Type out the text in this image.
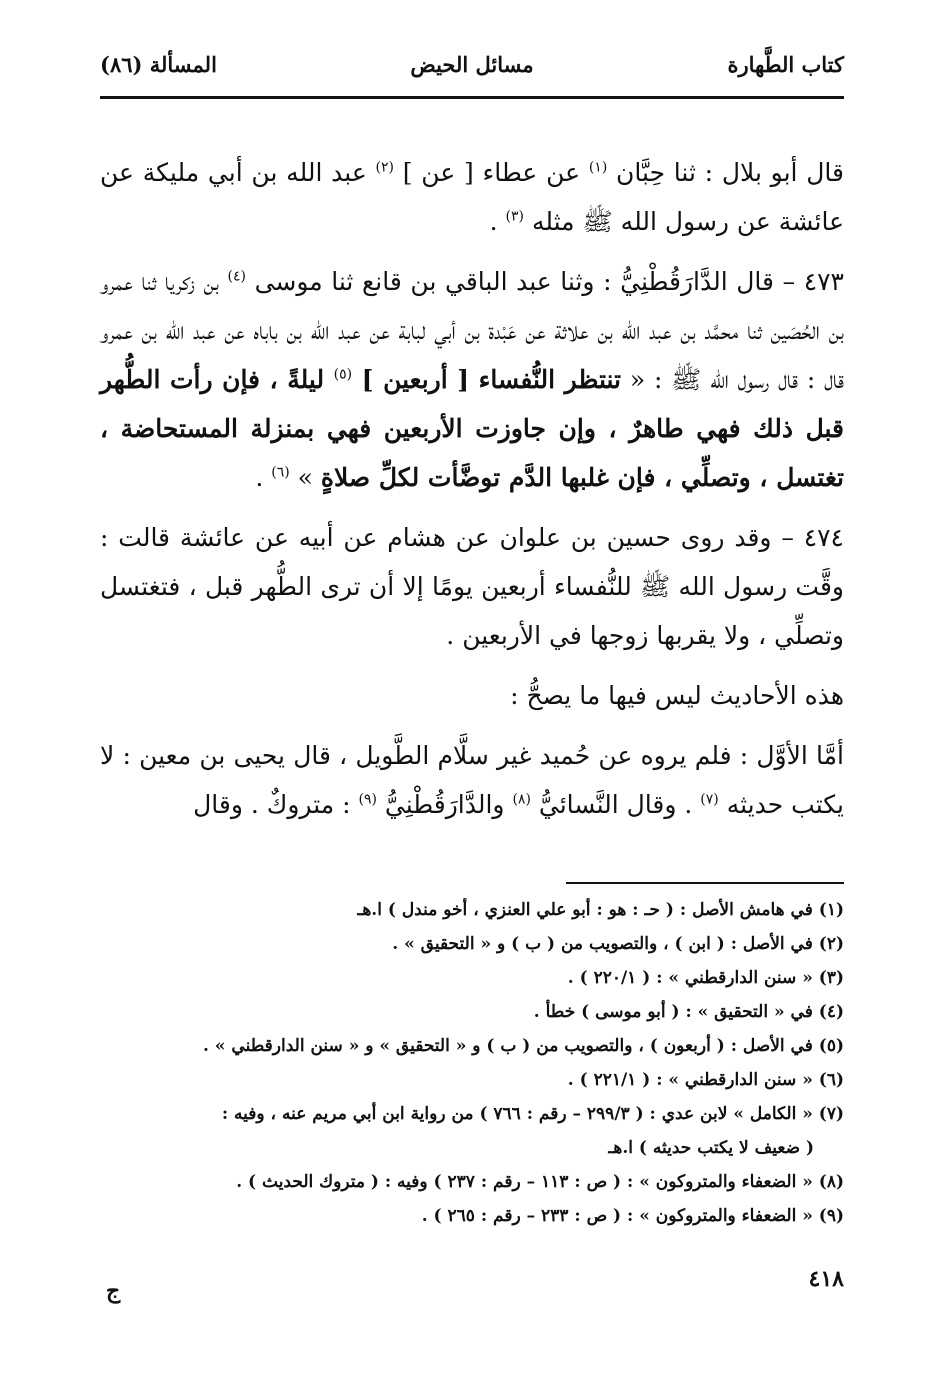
كتاب الطَّهارة
مسائل الحيض
المسألة (٨٦)

قال أبو بلال : ثنا حِبَّان $^{(١)}$ عن عطاء [ عن ] $^{(٢)}$ عبد الله بن أبي مليكة عن عائشة عن رسول الله ﷺ مثله $^{(٣)}$ .

٤٧٣ – قال الدَّارَقُطْنِيُّ : وثنا عبد الباقي بن قانع ثنا موسى $^{(٤)}$ بن زكريا ثنا عمرو بن الحُصَين ثنا محمَّد بن عبد الله بن علاثة عن عَبْدة بن أبي لبابة عن عبد الله بن باباه عن عبد الله بن عمرو قال : قال رسول الله ﷺ : « تنتظر النُّفساء [ أربعين ] $^{(٥)}$ ليلةً ، فإن رأت الطُّهر قبل ذلك فهي طاهرٌ ، وإن جاوزت الأربعين فهي بمنزلة المستحاضة ، تغتسل ، وتصلِّي ، فإن غلبها الدَّم توضَّأت لكلِّ صلاةٍ » $^{(٦)}$ .

٤٧٤ – وقد روى حسين بن علوان عن هشام عن أبيه عن عائشة قالت : وقَّت رسول الله ﷺ للنُّفساء أربعين يومًا إلا أن ترى الطُّهر قبل ، فتغتسل وتصلِّي ، ولا يقربها زوجها في الأربعين .

هذه الأحاديث ليس فيها ما يصحُّ :

أمَّا الأوَّل : فلم يروه عن حُميد غير سلَّام الطَّويل ، قال يحيى بن معين : لا يكتب حديثه $^{(٧)}$ . وقال النَّسائيُّ $^{(٨)}$ والدَّارَقُطْنِيُّ $^{(٩)}$ : متروكٌ . وقال

(١) في هامش الأصل : ( حـ : هو : أبو علي العنزي ، أخو مندل ) ا.هـ

(٢) في الأصل : ( ابن ) ، والتصويب من ( ب ) و « التحقيق » .

(٣) « سنن الدارقطني » : ( ٢٢٠/١ ) .

(٤) في « التحقيق » : ( أبو موسى ) خطأ .

(٥) في الأصل : ( أربعون ) ، والتصويب من ( ب ) و « التحقيق » و « سنن الدارقطني » .

(٦) « سنن الدارقطني » : ( ٢٢١/١ ) .

(٧) « الكامل » لابن عدي : ( ٢٩٩/٣ – رقم : ٧٦٦ ) من رواية ابن أبي مريم عنه ، وفيه :

( ضعيف لا يكتب حديثه ) ا.هـ

(٨) « الضعفاء والمتروكون » : ( ص : ١١٣ – رقم : ٢٣٧ ) وفيه : ( متروك الحديث ) .

(٩) « الضعفاء والمتروكون » : ( ص : ٢٣٣ – رقم : ٢٦٥ ) .

٤١٨
ج
